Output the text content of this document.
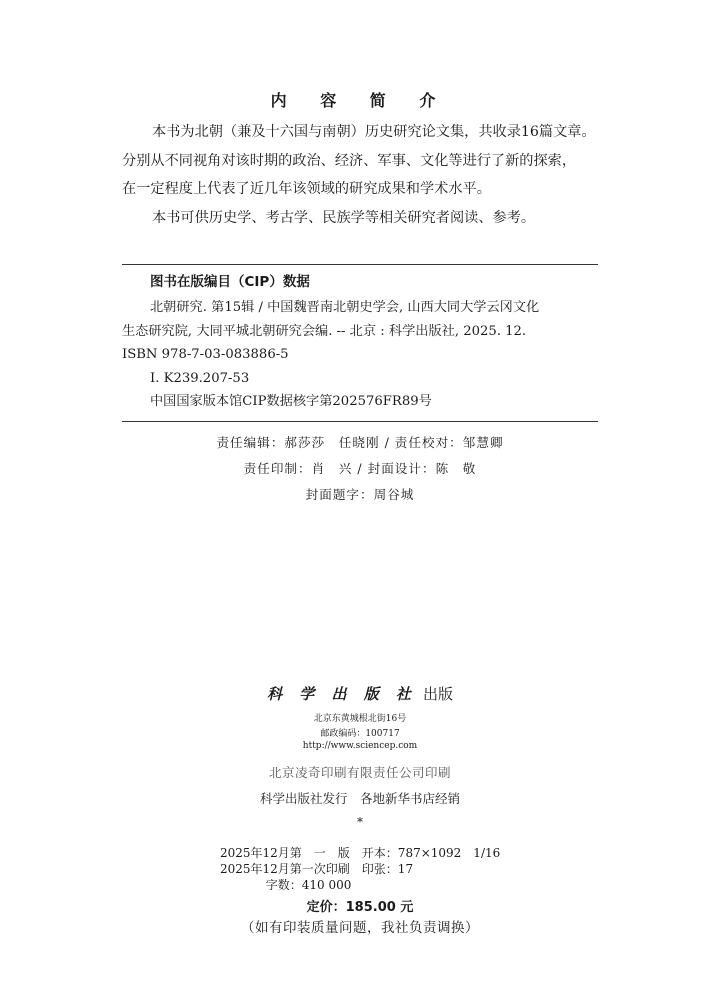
内 容 简 介

本书为北朝（兼及十六国与南朝）历史研究论文集，共收录16篇文章。

分别从不同视角对该时期的政治、经济、军事、文化等进行了新的探索，

在一定程度上代表了近几年该领域的研究成果和学术水平。

本书可供历史学、考古学、民族学等相关研究者阅读、参考。

图书在版编目（CIP）数据
北朝研究. 第15辑 / 中国魏晋南北朝史学会, 山西大同大学云冈文化
生态研究院, 大同平城北朝研究会编. -- 北京 : 科学出版社, 2025. 12.
ISBN 978-7-03-083886-5
Ⅰ. K239.207-53
中国国家版本馆CIP数据核字第202576FR89号
责任编辑：郝莎莎　任晓刚 / 责任校对：邹慧卿
责任印制：肖　兴 / 封面设计：陈　敬
封面题字：周谷城
科 学 出 版 社 出版
北京东黄城根北街16号
邮政编码：100717
http://www.sciencep.com
北京凌奇印刷有限责任公司印刷
科学出版社发行　各地新华书店经销
*
2025年12月第　一　版　开本：787×1092　1/16
2025年12月第一次印刷　印张：17
字数：410 000
定价：185.00 元
（如有印装质量问题，我社负责调换）
